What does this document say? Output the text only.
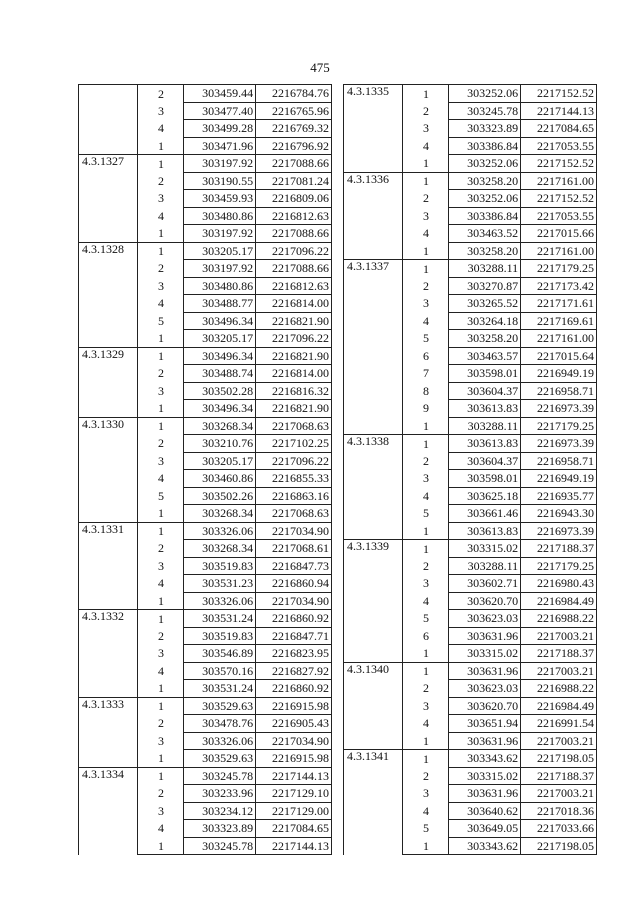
475
	2	303459.44	2216784.76
	3	303477.40	2216765.96
	4	303499.28	2216769.32
	1	303471.96	2216796.92
4.3.1327	1	303197.92	2217088.66
	2	303190.55	2217081.24
	3	303459.93	2216809.06
	4	303480.86	2216812.63
	1	303197.92	2217088.66
4.3.1328	1	303205.17	2217096.22
	2	303197.92	2217088.66
	3	303480.86	2216812.63
	4	303488.77	2216814.00
	5	303496.34	2216821.90
	1	303205.17	2217096.22
4.3.1329	1	303496.34	2216821.90
	2	303488.74	2216814.00
	3	303502.28	2216816.32
	1	303496.34	2216821.90
4.3.1330	1	303268.34	2217068.63
	2	303210.76	2217102.25
	3	303205.17	2217096.22
	4	303460.86	2216855.33
	5	303502.26	2216863.16
	1	303268.34	2217068.63
4.3.1331	1	303326.06	2217034.90
	2	303268.34	2217068.61
	3	303519.83	2216847.73
	4	303531.23	2216860.94
	1	303326.06	2217034.90
4.3.1332	1	303531.24	2216860.92
	2	303519.83	2216847.71
	3	303546.89	2216823.95
	4	303570.16	2216827.92
	1	303531.24	2216860.92
4.3.1333	1	303529.63	2216915.98
	2	303478.76	2216905.43
	3	303326.06	2217034.90
	1	303529.63	2216915.98
4.3.1334	1	303245.78	2217144.13
	2	303233.96	2217129.10
	3	303234.12	2217129.00
	4	303323.89	2217084.65
	1	303245.78	2217144.13
4.3.1335	1	303252.06	2217152.52
	2	303245.78	2217144.13
	3	303323.89	2217084.65
	4	303386.84	2217053.55
	1	303252.06	2217152.52
4.3.1336	1	303258.20	2217161.00
	2	303252.06	2217152.52
	3	303386.84	2217053.55
	4	303463.52	2217015.66
	1	303258.20	2217161.00
4.3.1337	1	303288.11	2217179.25
	2	303270.87	2217173.42
	3	303265.52	2217171.61
	4	303264.18	2217169.61
	5	303258.20	2217161.00
	6	303463.57	2217015.64
	7	303598.01	2216949.19
	8	303604.37	2216958.71
	9	303613.83	2216973.39
	1	303288.11	2217179.25
4.3.1338	1	303613.83	2216973.39
	2	303604.37	2216958.71
	3	303598.01	2216949.19
	4	303625.18	2216935.77
	5	303661.46	2216943.30
	1	303613.83	2216973.39
4.3.1339	1	303315.02	2217188.37
	2	303288.11	2217179.25
	3	303602.71	2216980.43
	4	303620.70	2216984.49
	5	303623.03	2216988.22
	6	303631.96	2217003.21
	1	303315.02	2217188.37
4.3.1340	1	303631.96	2217003.21
	2	303623.03	2216988.22
	3	303620.70	2216984.49
	4	303651.94	2216991.54
	1	303631.96	2217003.21
4.3.1341	1	303343.62	2217198.05
	2	303315.02	2217188.37
	3	303631.96	2217003.21
	4	303640.62	2217018.36
	5	303649.05	2217033.66
	1	303343.62	2217198.05
